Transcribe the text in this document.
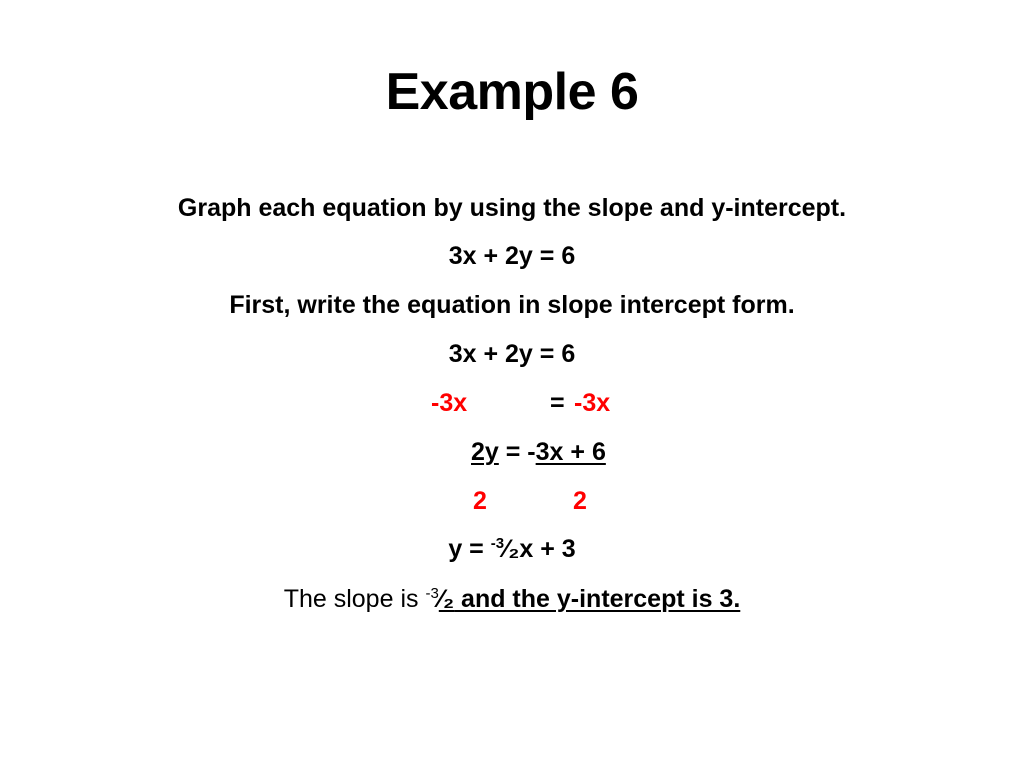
Example 6
Graph each equation by using the slope and y-intercept.
3x + 2y = 6
First, write the equation in slope intercept form.
3x + 2y = 6
-3x	= -3x
2y = -3x + 6
2	2
y = $^{-3}$⁄₂x + 3
The slope is $^{-3}$⁄₂ and the y-intercept is 3.
